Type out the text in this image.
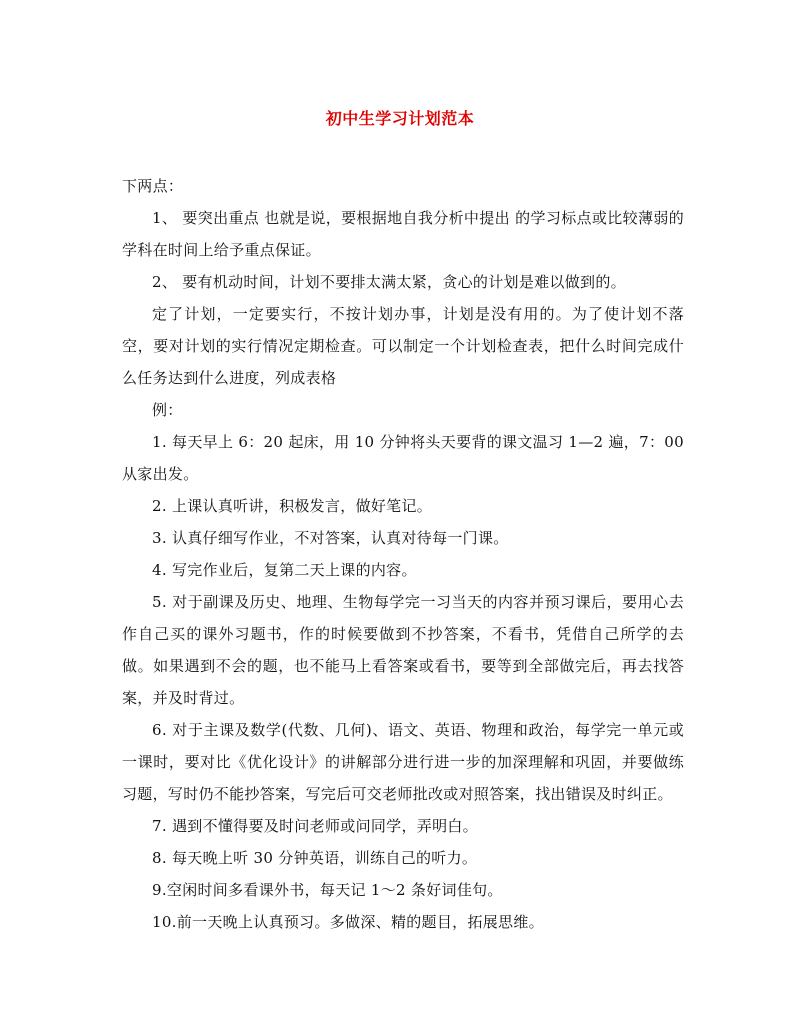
初中生学习计划范本

下两点：

1、 要突出重点 也就是说，要根据地自我分析中提出 的学习标点或比较薄弱的学科在时间上给予重点保证。

2、 要有机动时间，计划不要排太满太紧，贪心的计划是难以做到的。

定了计划，一定要实行，不按计划办事，计划是没有用的。为了使计划不落空，要对计划的实行情况定期检查。可以制定一个计划检查表，把什么时间完成什么任务达到什么进度，列成表格

例：

1. 每天早上 6：20 起床，用 10 分钟将头天要背的课文温习 1—2 遍，7：00 从家出发。

2. 上课认真听讲，积极发言，做好笔记。

3. 认真仔细写作业，不对答案，认真对待每一门课。

4. 写完作业后，复第二天上课的内容。

5. 对于副课及历史、地理、生物每学完一习当天的内容并预习课后，要用心去作自己买的课外习题书，作的时候要做到不抄答案，不看书，凭借自己所学的去做。如果遇到不会的题，也不能马上看答案或看书，要等到全部做完后，再去找答案，并及时背过。

6. 对于主课及数学(代数、几何)、语文、英语、物理和政治，每学完一单元或一课时，要对比《优化设计》的讲解部分进行进一步的加深理解和巩固，并要做练习题，写时仍不能抄答案，写完后可交老师批改或对照答案，找出错误及时纠正。

7. 遇到不懂得要及时问老师或问同学，弄明白。

8. 每天晚上听 30 分钟英语，训练自己的听力。

9.空闲时间多看课外书，每天记 1～2 条好词佳句。

10.前一天晚上认真预习。多做深、精的题目，拓展思维。
